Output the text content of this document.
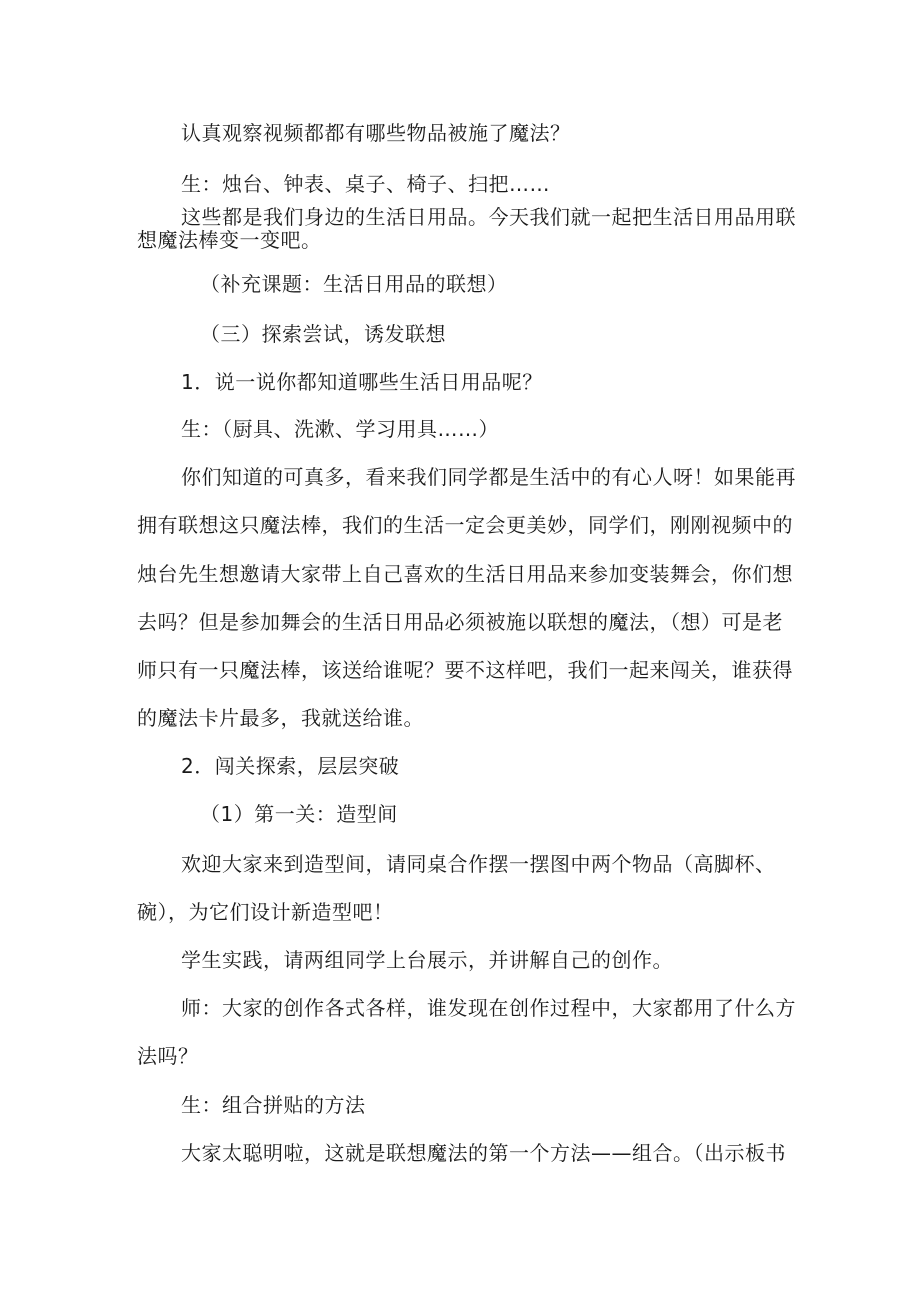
认真观察视频都都有哪些物品被施了魔法？
生：烛台、钟表、桌子、椅子、扫把……
这些都是我们身边的生活日用品。今天我们就一起把生活日用品用联
想魔法棒变一变吧。
（补充课题：生活日用品的联想）
（三）探索尝试，诱发联想
1．说一说你都知道哪些生活日用品呢？
生：（厨具、洗漱、学习用具……）
你们知道的可真多，看来我们同学都是生活中的有心人呀！如果能再
拥有联想这只魔法棒，我们的生活一定会更美妙，同学们，刚刚视频中的
烛台先生想邀请大家带上自己喜欢的生活日用品来参加变装舞会，你们想
去吗？但是参加舞会的生活日用品必须被施以联想的魔法，（想）可是老
师只有一只魔法棒，该送给谁呢？要不这样吧，我们一起来闯关，谁获得
的魔法卡片最多，我就送给谁。
2．闯关探索，层层突破
（1）第一关：造型间
欢迎大家来到造型间，请同桌合作摆一摆图中两个物品（高脚杯、
碗），为它们设计新造型吧！
学生实践，请两组同学上台展示，并讲解自己的创作。
师：大家的创作各式各样，谁发现在创作过程中，大家都用了什么方
法吗？
生：组合拼贴的方法
大家太聪明啦，这就是联想魔法的第一个方法——组合。（出示板书
